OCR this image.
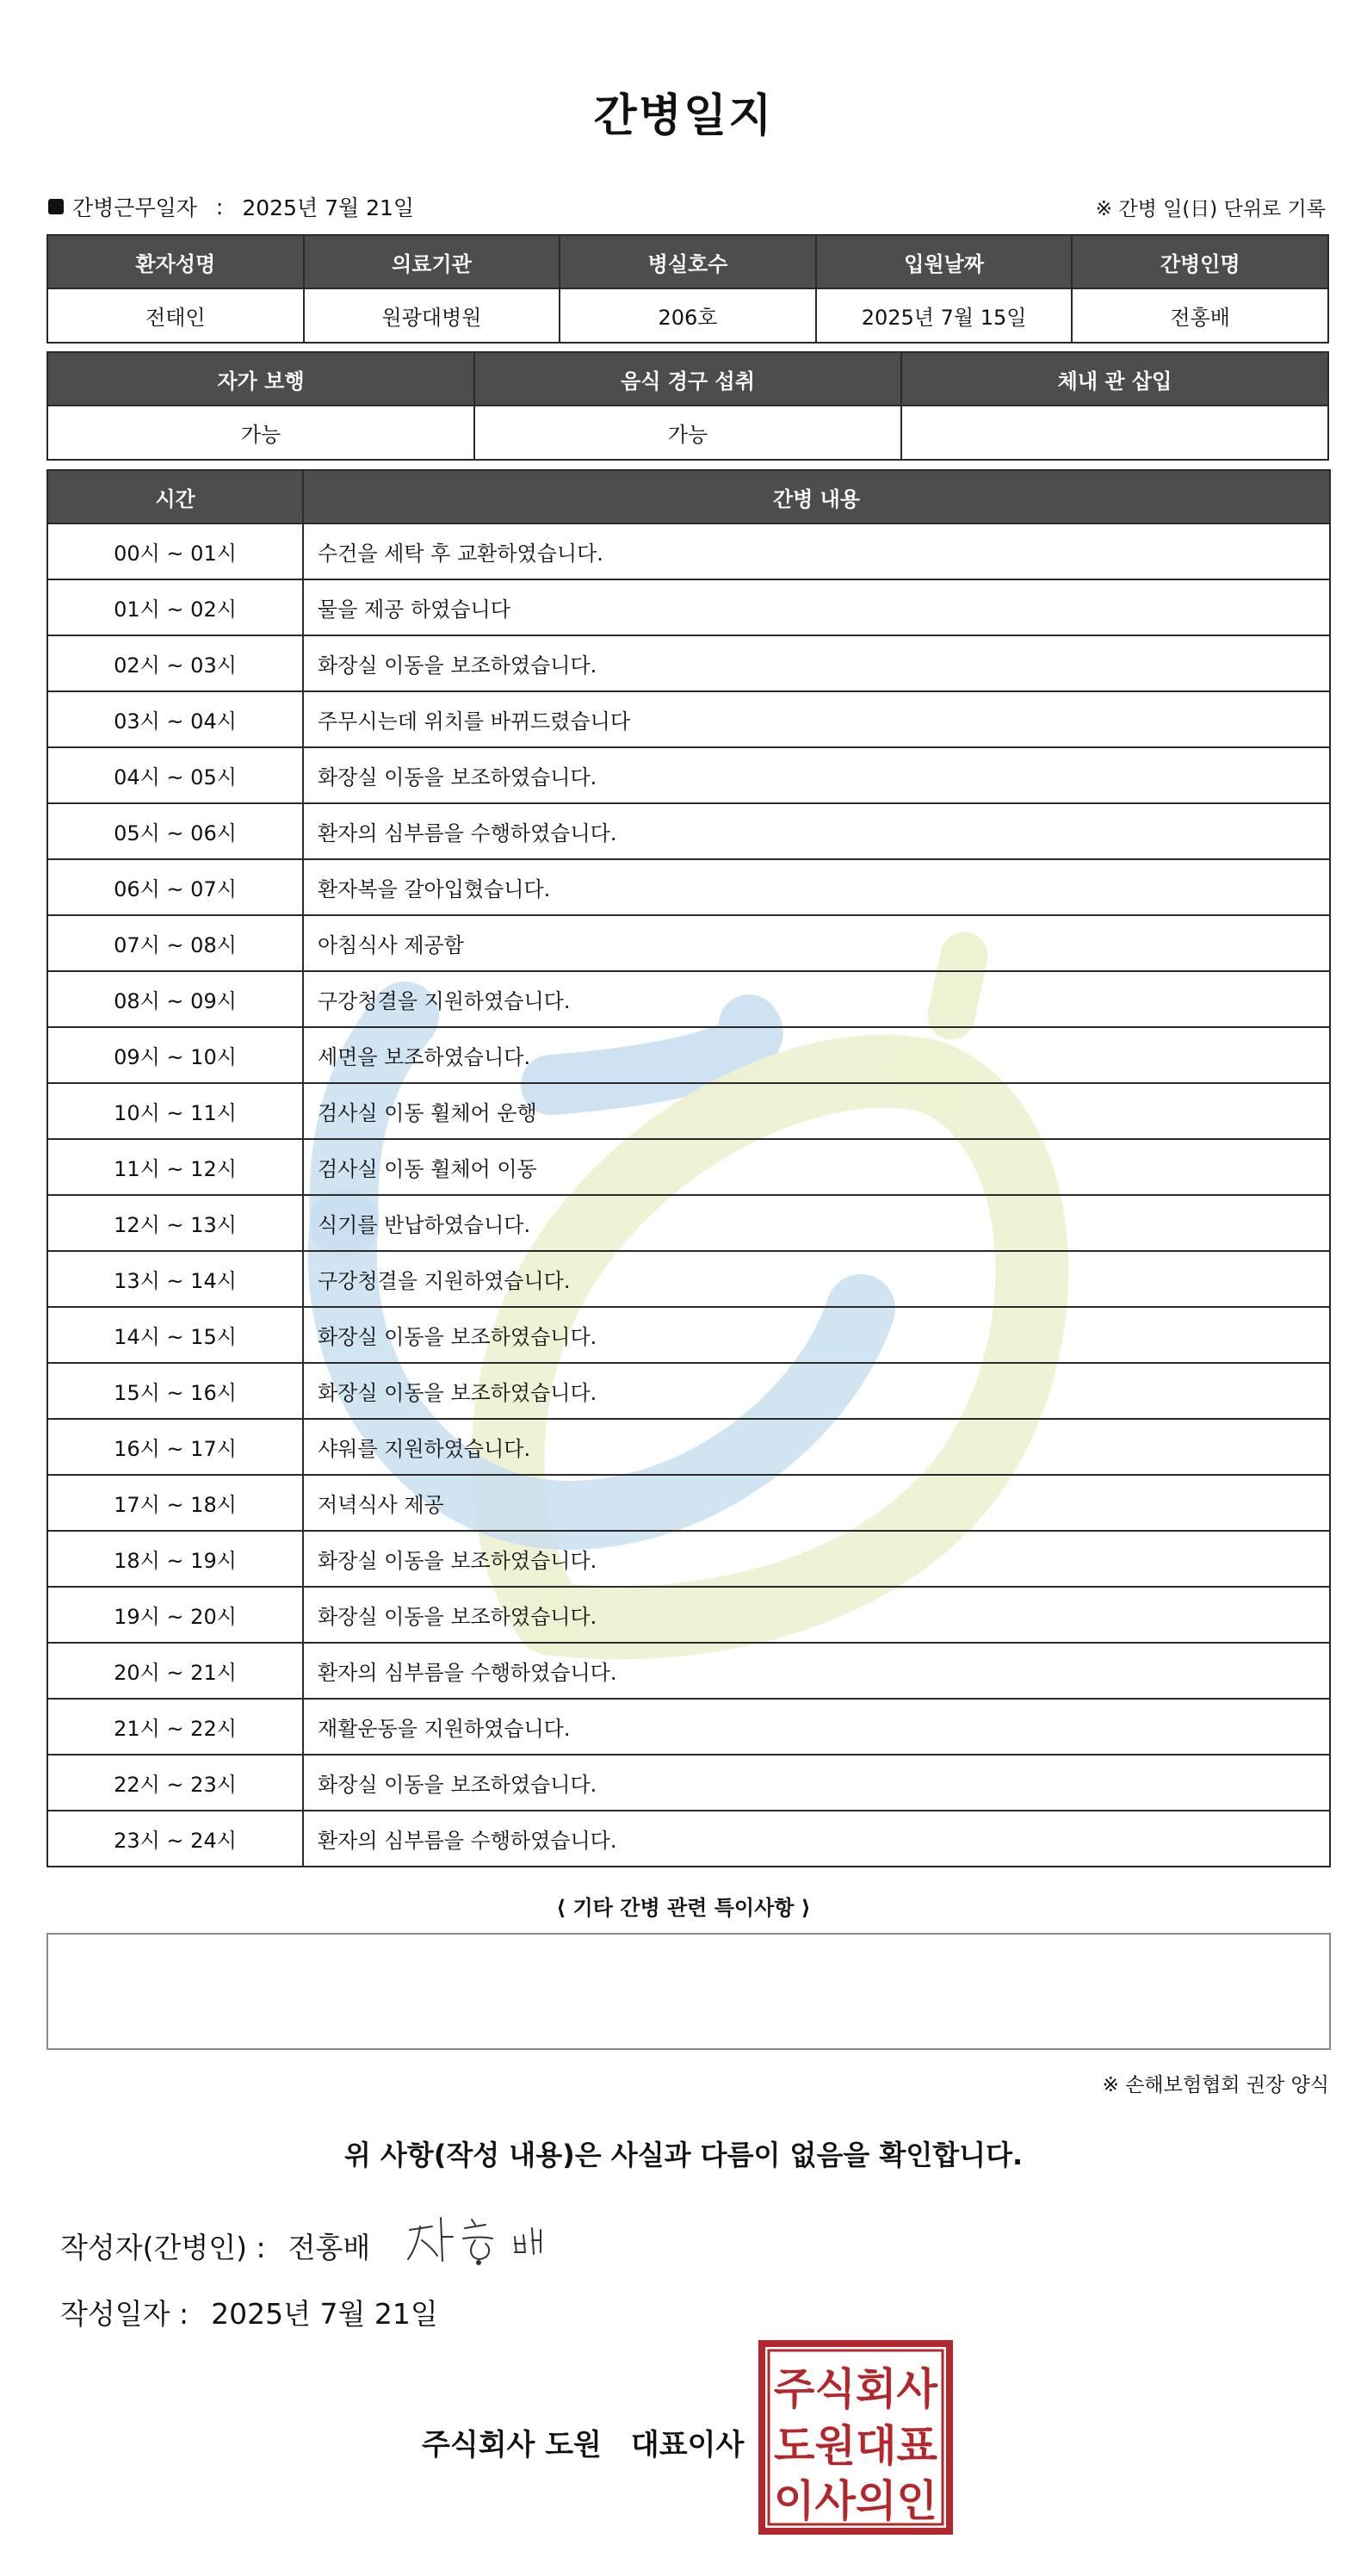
간병일지
간병근무일자 : 2025년 7월 21일	※ 간병 일(日) 단위로 기록
환자성명	의료기관	병실호수	입원날짜	간병인명
전태인	원광대병원	206호	2025년 7월 15일	전홍배
자가 보행	음식 경구 섭취	체내 관 삽입
가능	가능	
시간	간병 내용
00시 ~ 01시	수건을 세탁 후 교환하였습니다.
01시 ~ 02시	물을 제공 하였습니다
02시 ~ 03시	화장실 이동을 보조하였습니다.
03시 ~ 04시	주무시는데 위치를 바뀌드렸습니다
04시 ~ 05시	화장실 이동을 보조하였습니다.
05시 ~ 06시	환자의 심부름을 수행하였습니다.
06시 ~ 07시	환자복을 갈아입혔습니다.
07시 ~ 08시	아침식사 제공함
08시 ~ 09시	구강청결을 지원하였습니다.
09시 ~ 10시	세면을 보조하였습니다.
10시 ~ 11시	검사실 이동 휠체어 운행
11시 ~ 12시	검사실 이동 휠체어 이동
12시 ~ 13시	식기를 반납하였습니다.
13시 ~ 14시	구강청결을 지원하였습니다.
14시 ~ 15시	화장실 이동을 보조하였습니다.
15시 ~ 16시	화장실 이동을 보조하였습니다.
16시 ~ 17시	샤워를 지원하였습니다.
17시 ~ 18시	저녁식사 제공
18시 ~ 19시	화장실 이동을 보조하였습니다.
19시 ~ 20시	화장실 이동을 보조하였습니다.
20시 ~ 21시	환자의 심부름을 수행하였습니다.
21시 ~ 22시	재활운동을 지원하였습니다.
22시 ~ 23시	화장실 이동을 보조하였습니다.
23시 ~ 24시	환자의 심부름을 수행하였습니다.
⟨ 기타 간병 관련 특이사항 ⟩
※ 손해보험협회 권장 양식
위 사항(작성 내용)은 사실과 다름이 없음을 확인합니다.
작성자(간병인) : 전홍배
작성일자 : 2025년 7월 21일
주식회사 도원 대표이사
주식회사
도원대표
이사의인
